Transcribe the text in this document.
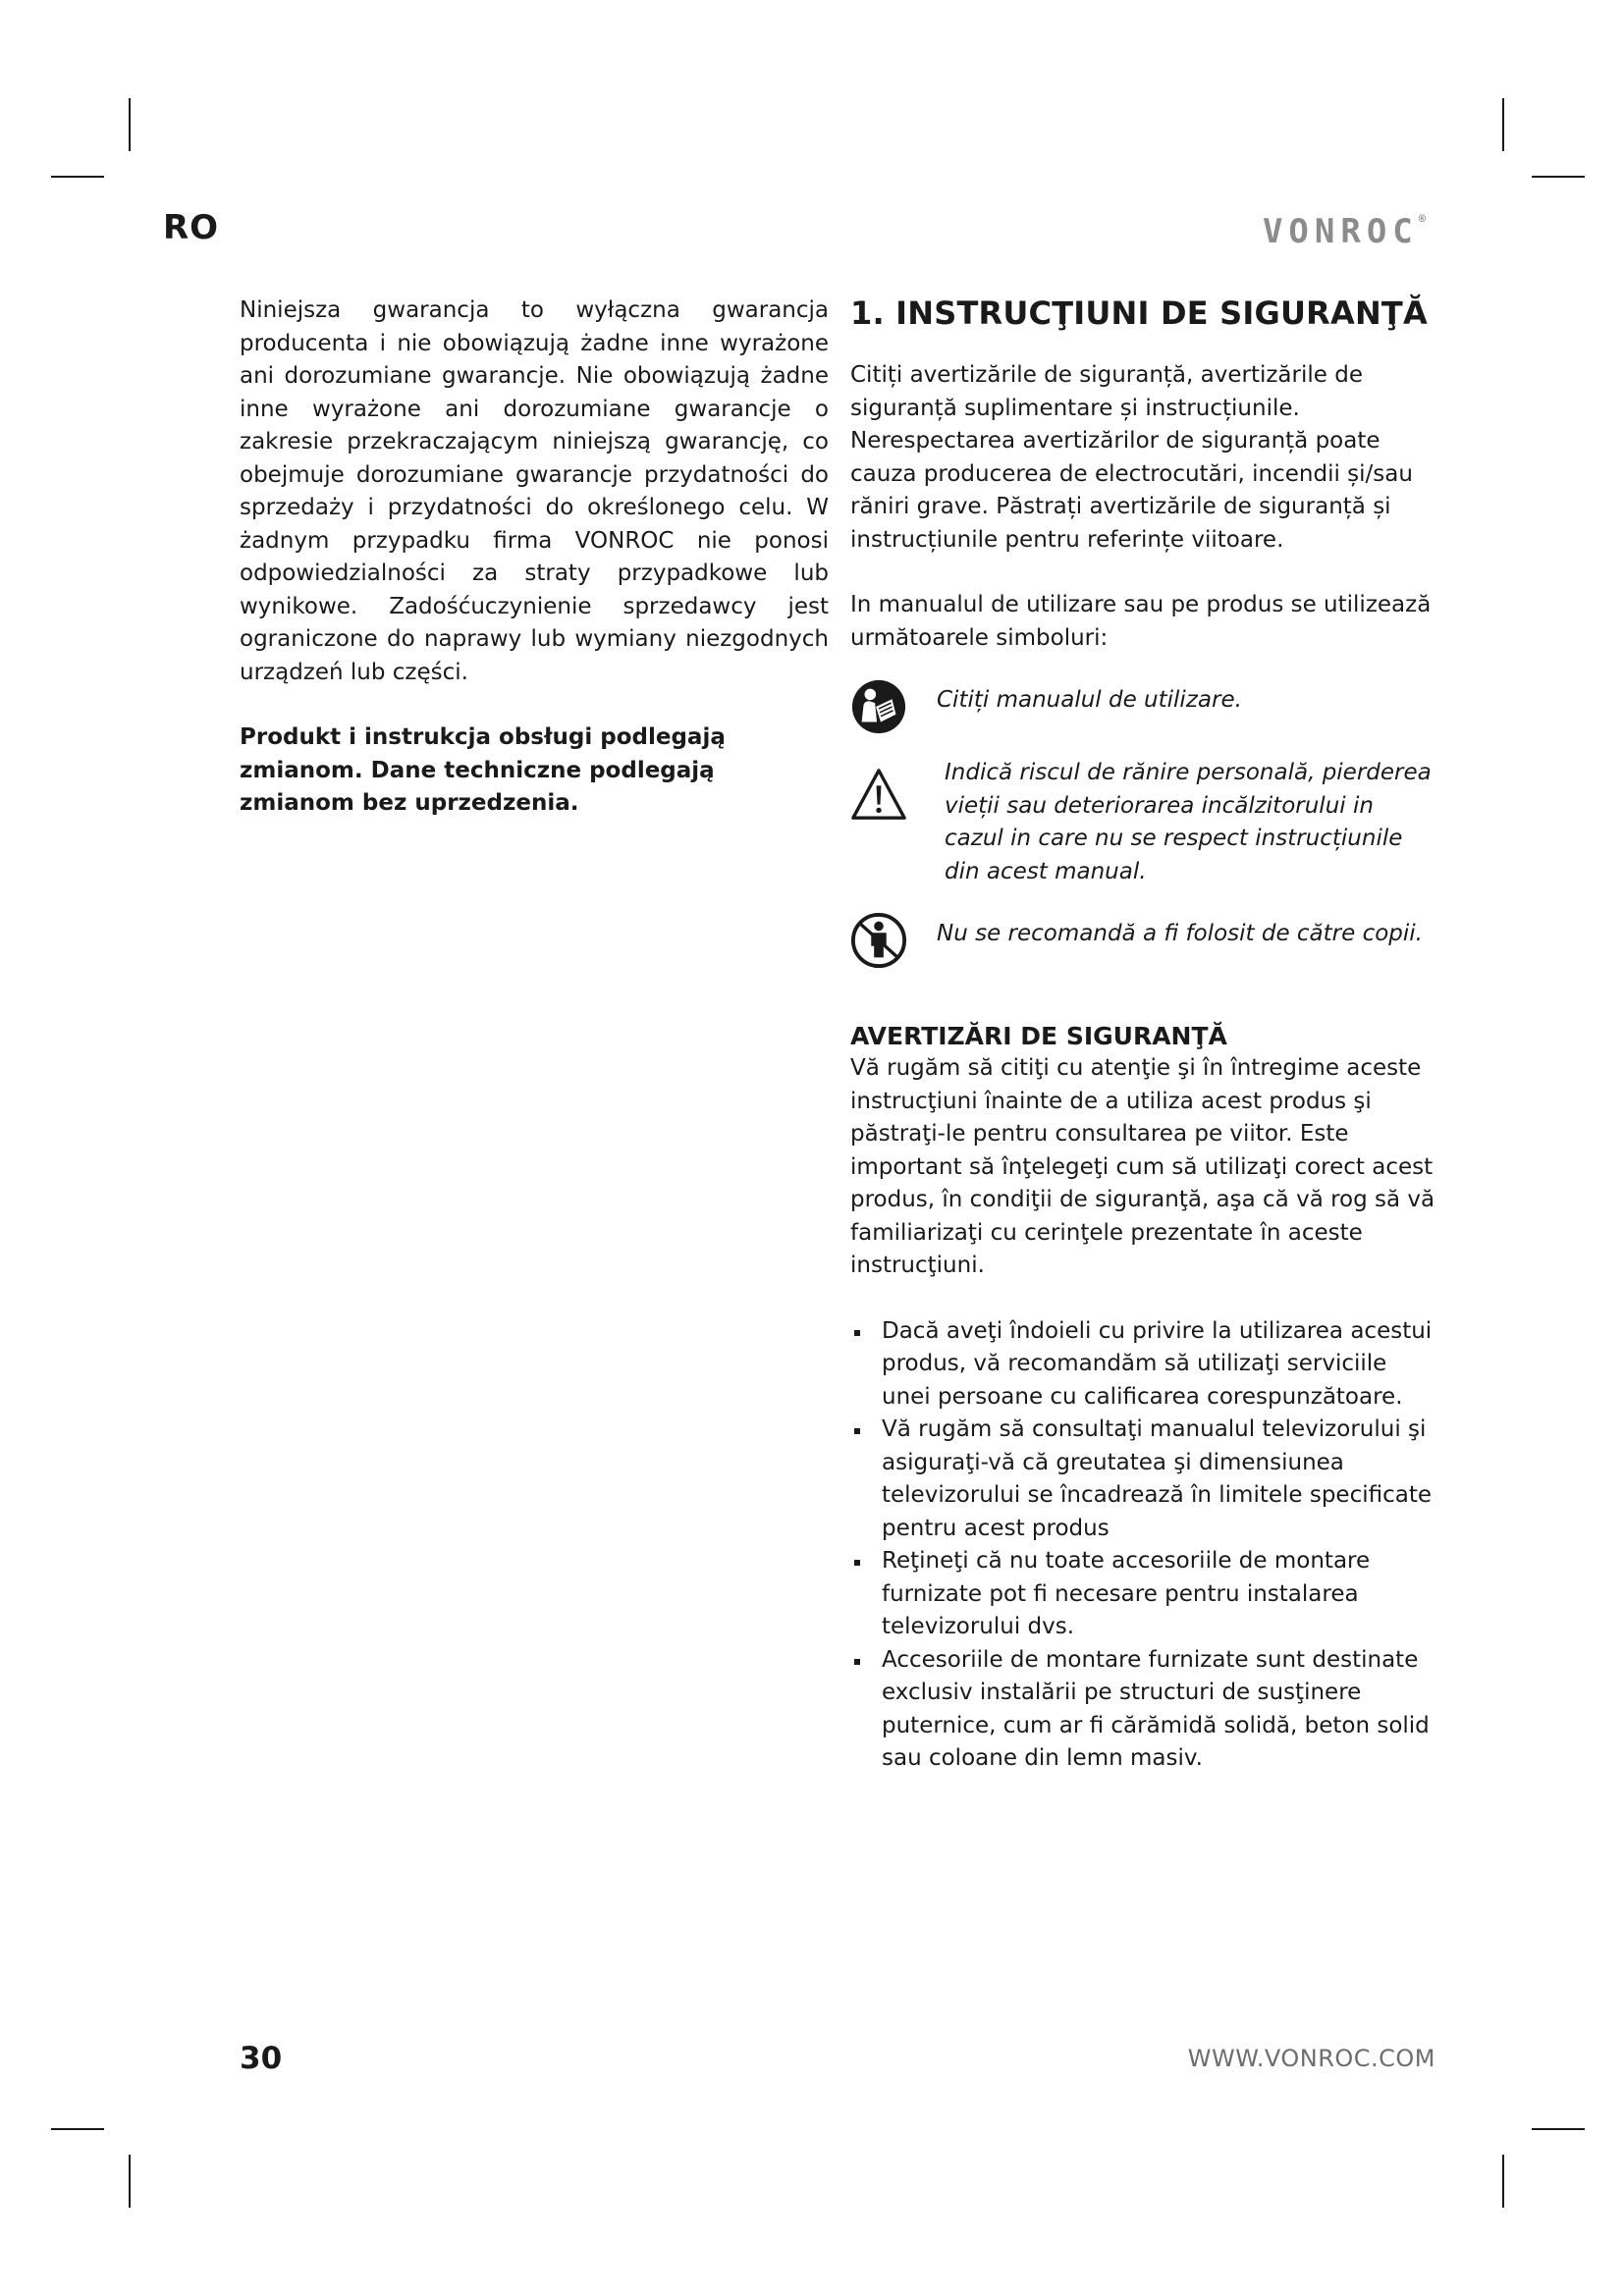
RO	VONROC®

Niniejsza gwarancja to wyłączna gwarancja producenta i nie obowiązują żadne inne wyrażone ani dorozumiane gwarancje. Nie obowiązują żadne inne wyrażone ani dorozumiane gwarancje o zakresie przekraczającym niniejszą gwarancję, co obejmuje dorozumiane gwarancje przydatności do sprzedaży i przydatności do określonego celu. W żadnym przypadku firma VONROC nie ponosi odpowiedzialności za straty przypadkowe lub wynikowe. Zadośćuczynienie sprzedawcy jest ograniczone do naprawy lub wymiany niezgodnych urządzeń lub części.

Produkt i instrukcja obsługi podlegają zmianom. Dane techniczne podlegają zmianom bez uprzedzenia.

1. INSTRUCŢIUNI DE SIGURANŢĂ

Citiți avertizările de siguranță, avertizările de siguranță suplimentare și instrucțiunile. Nerespectarea avertizărilor de siguranță poate cauza producerea de electrocutări, incendii și/sau răniri grave. Păstrați avertizările de siguranță și instrucțiunile pentru referințe viitoare.

In manualul de utilizare sau pe produs se utilizează următoarele simboluri:

Citiți manualul de utilizare.
Indică riscul de rănire personală, pierderea vieții sau deteriorarea incălzitorului in cazul in care nu se respect instrucțiunile din acest manual.
Nu se recomandă a fi folosit de către copii.
AVERTIZĂRI DE SIGURANŢĂ

Vă rugăm să citiţi cu atenţie şi în întregime aceste instrucţiuni înainte de a utiliza acest produs şi păstraţi-le pentru consultarea pe viitor. Este important să înţelegeţi cum să utilizaţi corect acest produs, în condiţii de siguranţă, aşa că vă rog să vă familiarizaţi cu cerinţele prezentate în aceste instrucţiuni.

Dacă aveţi îndoieli cu privire la utilizarea acestui produs, vă recomandăm să utilizaţi serviciile unei persoane cu calificarea corespunzătoare.
Vă rugăm să consultaţi manualul televizorului şi asiguraţi-vă că greutatea şi dimensiunea televizorului se încadrează în limitele specificate pentru acest produs
Reţineţi că nu toate accesoriile de montare furnizate pot fi necesare pentru instalarea televizorului dvs.
Accesoriile de montare furnizate sunt destinate exclusiv instalării pe structuri de susţinere puternice, cum ar fi cărămidă solidă, beton solid sau coloane din lemn masiv.
30	WWW.VONROC.COM
